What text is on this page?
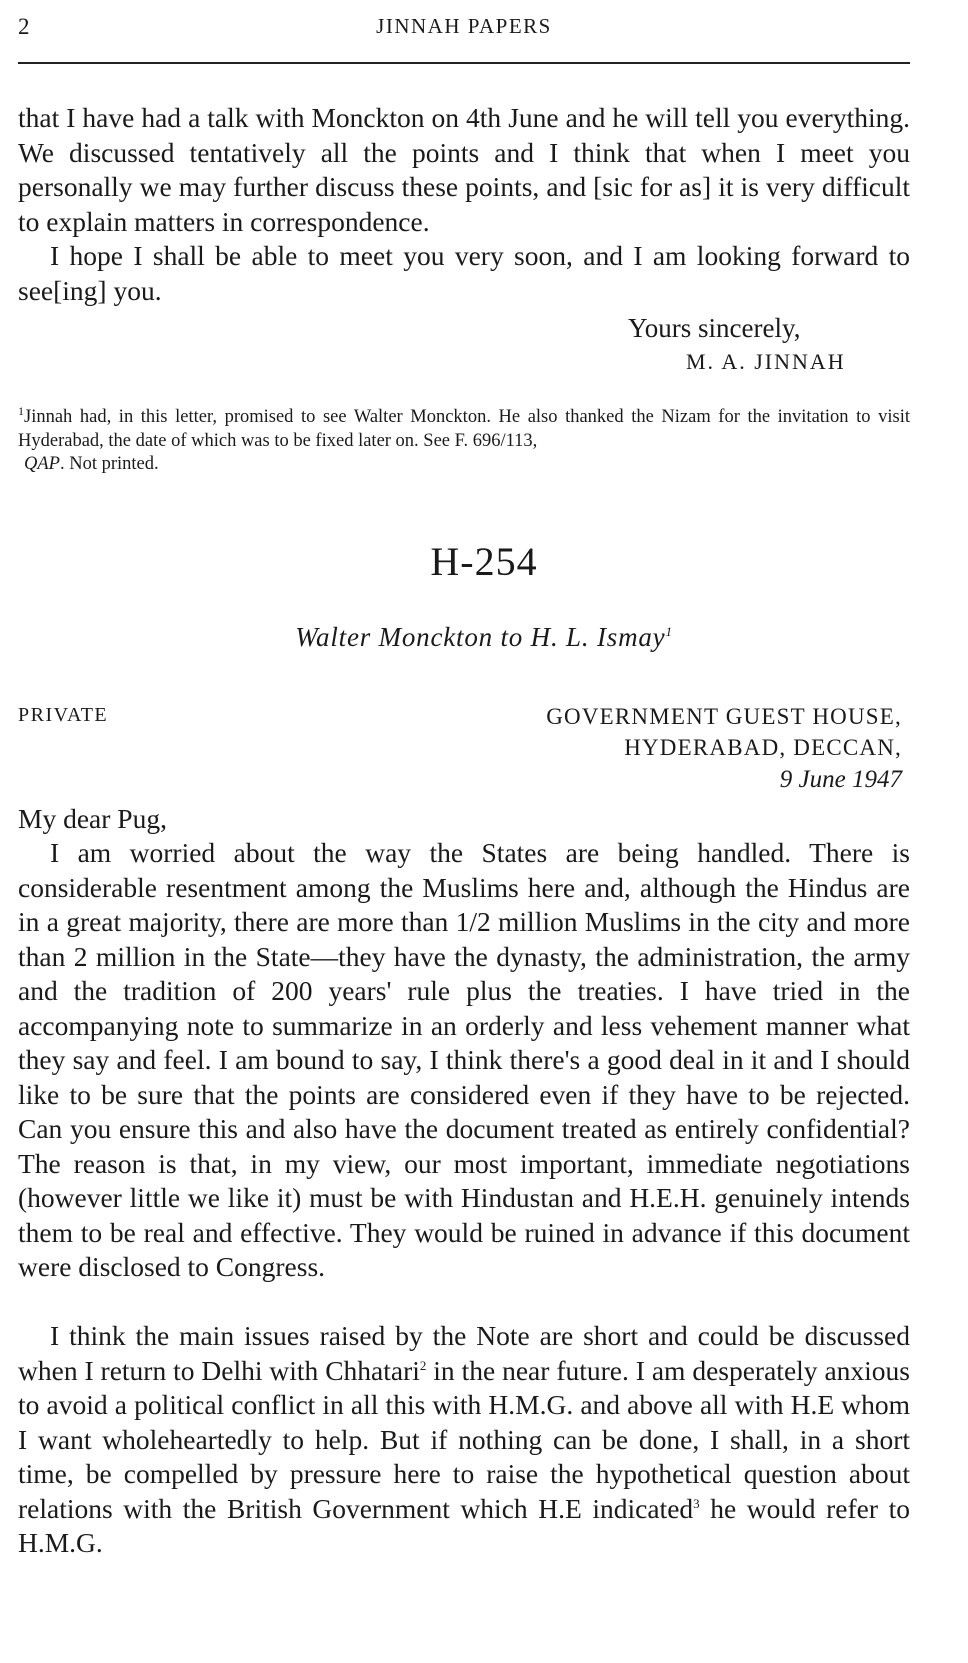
2	JINNAH PAPERS

that I have had a talk with Monckton on 4th June and he will tell you everything. We discussed tentatively all the points and I think that when I meet you personally we may further discuss these points, and [sic for as] it is very difficult to explain matters in correspondence.

I hope I shall be able to meet you very soon, and I am looking forward to see[ing] you.

Yours sincerely,
M. A. JINNAH

$^1$Jinnah had, in this letter, promised to see Walter Monckton. He also thanked the Nizam for the invitation to visit Hyderabad, the date of which was to be fixed later on. See F. 696/113,

QAP. Not printed.

H-254
Walter Monckton to H. L. Ismay$^1$
PRIVATE	GOVERNMENT GUEST HOUSE,
HYDERABAD, DECCAN,
9 June 1947

My dear Pug,

I am worried about the way the States are being handled. There is considerable resentment among the Muslims here and, although the Hindus are in a great majority, there are more than 1/2 million Muslims in the city and more than 2 million in the State—they have the dynasty, the administration, the army and the tradition of 200 years' rule plus the treaties. I have tried in the accompanying note to summarize in an orderly and less vehement manner what they say and feel. I am bound to say, I think there's a good deal in it and I should like to be sure that the points are considered even if they have to be rejected. Can you ensure this and also have the document treated as entirely confidential? The reason is that, in my view, our most important, immediate negotiations (however little we like it) must be with Hindustan and H.E.H. genuinely intends them to be real and effective. They would be ruined in advance if this document were disclosed to Congress.

I think the main issues raised by the Note are short and could be discussed when I return to Delhi with Chhatari$^2$ in the near future. I am desperately anxious to avoid a political conflict in all this with H.M.G. and above all with H.E whom I want wholeheartedly to help. But if nothing can be done, I shall, in a short time, be compelled by pressure here to raise the hypothetical question about relations with the British Government which H.E indicated$^3$ he would refer to H.M.G.
